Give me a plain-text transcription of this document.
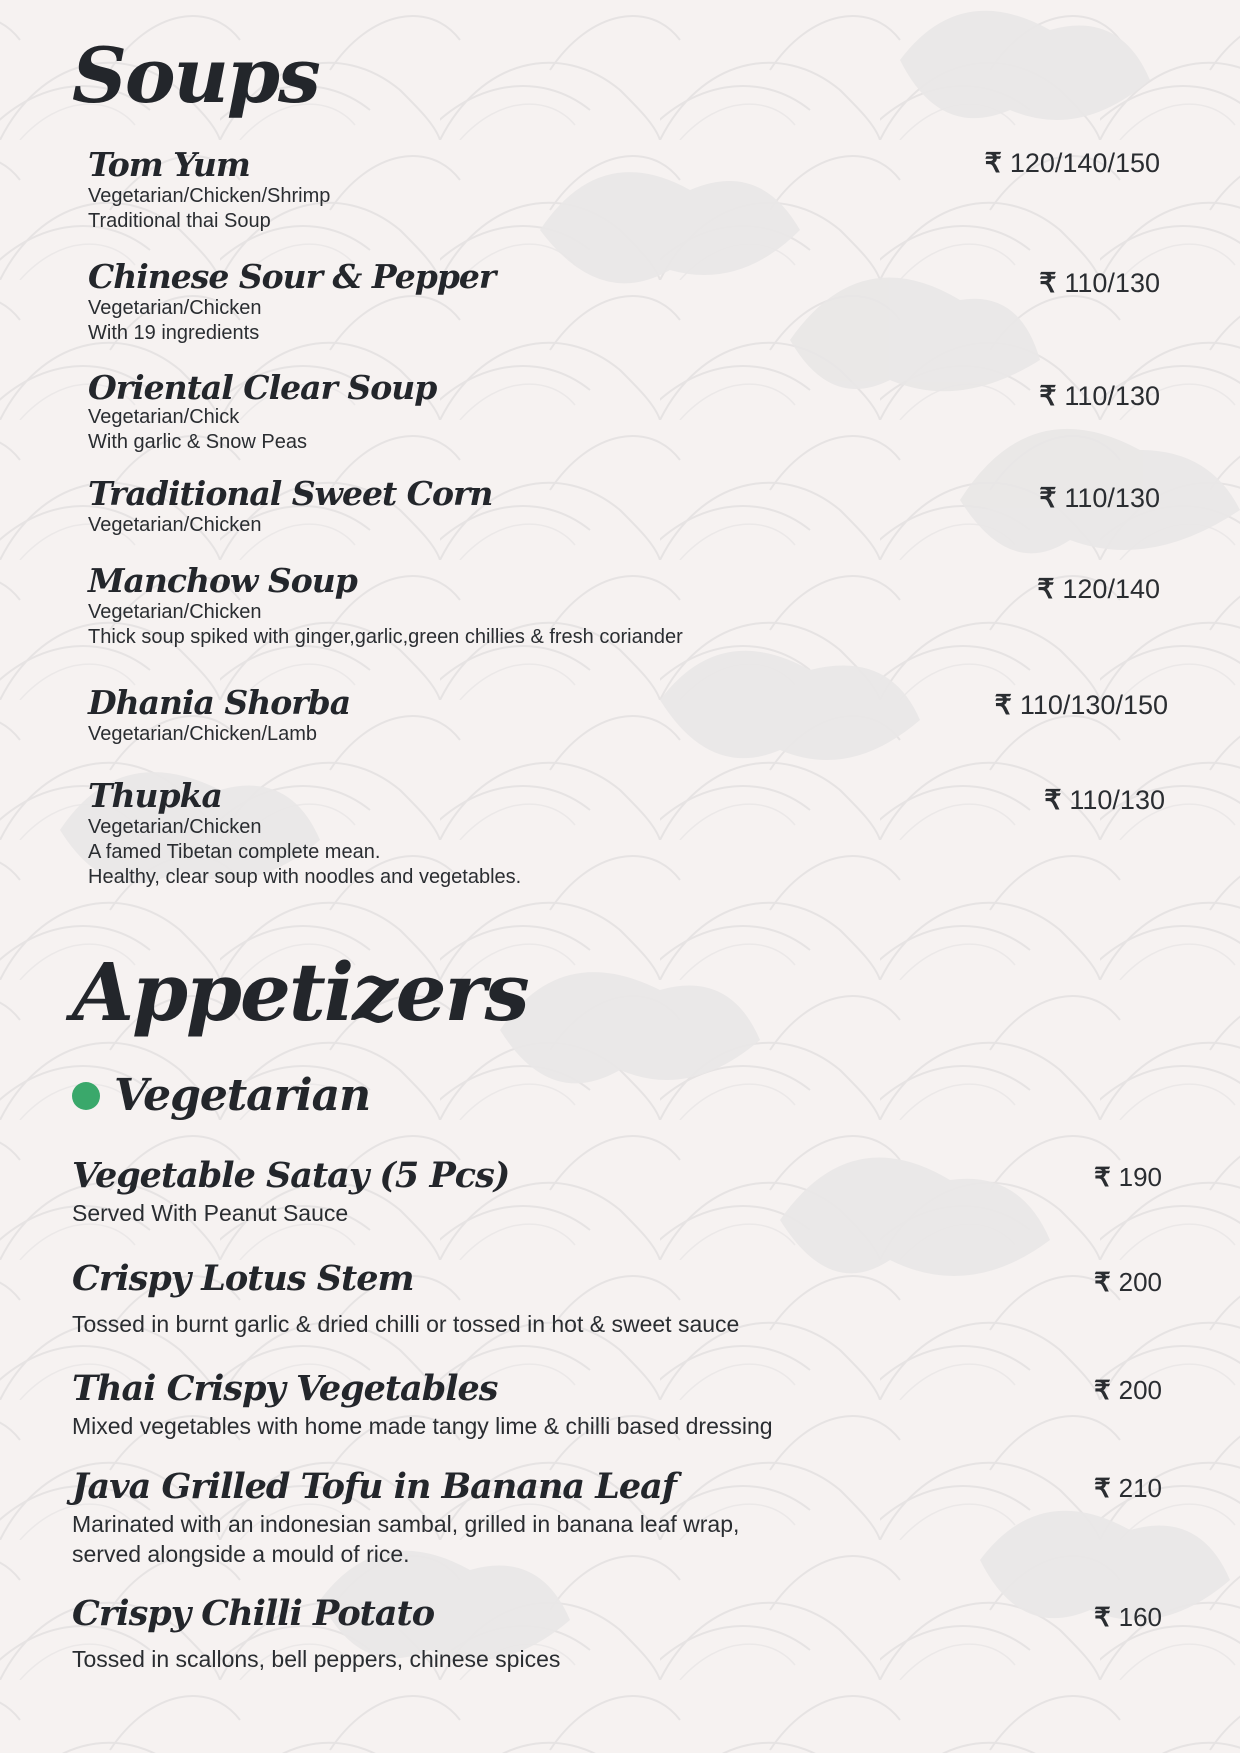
Soups
Tom Yum
Vegetarian/Chicken/Shrimp
Traditional thai Soup
₹ 120/140/150
Chinese Sour & Pepper
Vegetarian/Chicken
With 19 ingredients
₹ 110/130
Oriental Clear Soup
Vegetarian/Chick
With garlic & Snow Peas
₹ 110/130
Traditional Sweet Corn
Vegetarian/Chicken
₹ 110/130
Manchow Soup
Vegetarian/Chicken
Thick soup spiked with ginger,garlic,green chillies & fresh coriander
₹ 120/140
Dhania Shorba
Vegetarian/Chicken/Lamb
₹ 110/130/150
Thupka
Vegetarian/Chicken
A famed Tibetan complete mean.
Healthy, clear soup with noodles and vegetables.
₹ 110/130
Appetizers
Vegetarian
Vegetable Satay (5 Pcs)
Served With Peanut Sauce
₹ 190
Crispy Lotus Stem
Tossed in burnt garlic & dried chilli or tossed in hot & sweet sauce
₹ 200
Thai Crispy Vegetables
Mixed vegetables with home made tangy lime & chilli based dressing
₹ 200
Java Grilled Tofu in Banana Leaf
Marinated with an indonesian sambal, grilled in banana leaf wrap,
served alongside a mould of rice.
₹ 210
Crispy Chilli Potato
Tossed in scallons, bell peppers, chinese spices
₹ 160
